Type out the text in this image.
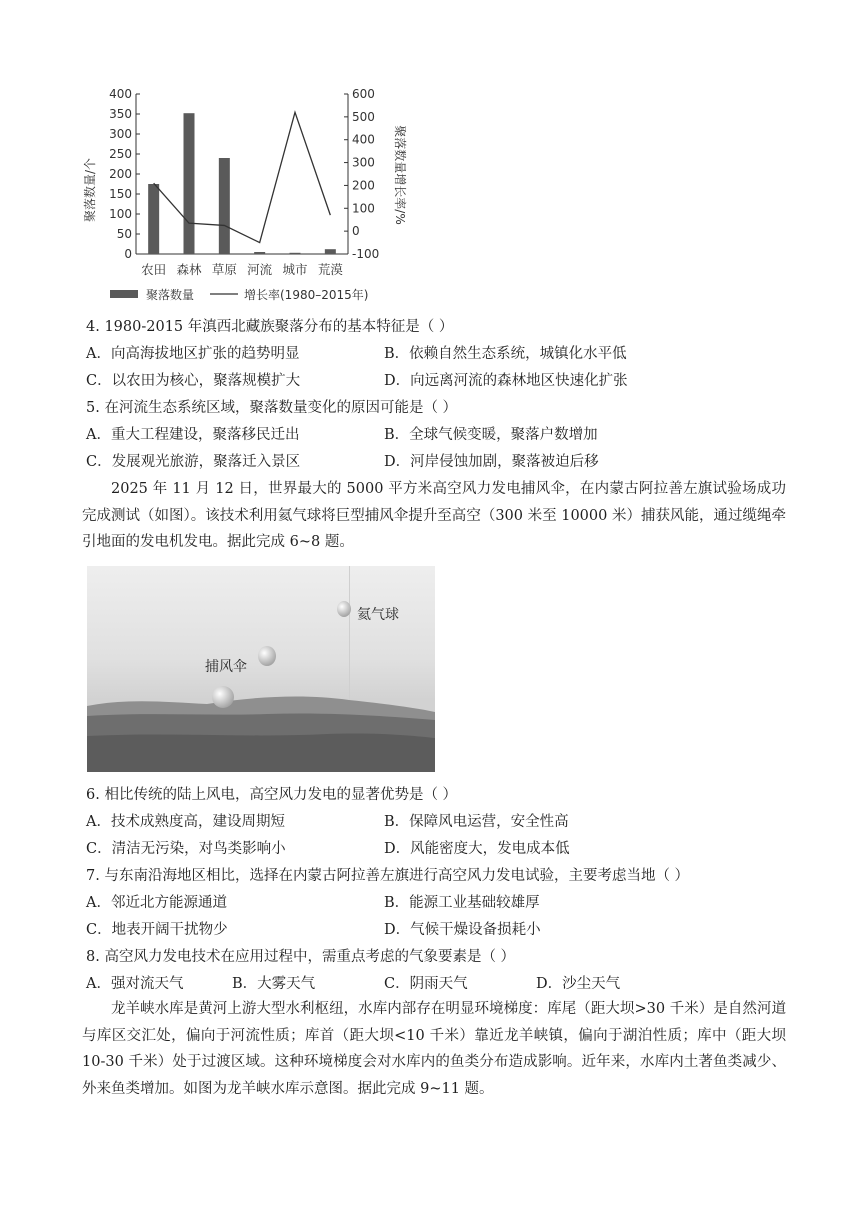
400
350
300
250
200
150
100
50
0
600
500
400
300
200
100
0
-100
农田 森林 草原 河流 城市 荒漠
聚落数量/个	聚落数量增长率/%
聚落数量	增长率(1980–2015年)
4. 1980-2015 年滇西北藏族聚落分布的基本特征是（ ）
A．向高海拔地区扩张的趋势明显	B．依赖自然生态系统，城镇化水平低
C．以农田为核心，聚落规模扩大	D．向远离河流的森林地区快速化扩张
5. 在河流生态系统区域，聚落数量变化的原因可能是（ ）
A．重大工程建设，聚落移民迁出	B．全球气候变暖，聚落户数增加
C．发展观光旅游，聚落迁入景区	D．河岸侵蚀加剧，聚落被迫后移
2025 年 11 月 12 日，世界最大的 5000 平方米高空风力发电捕风伞，在内蒙古阿拉善左旗试验场成功完成测试（如图）。该技术利用氦气球将巨型捕风伞提升至高空（300 米至 10000 米）捕获风能，通过缆绳牵引地面的发电机发电。据此完成 6~8 题。
氦气球
捕风伞
6. 相比传统的陆上风电，高空风力发电的显著优势是（ ）
A．技术成熟度高，建设周期短	B．保障风电运营，安全性高
C．清洁无污染，对鸟类影响小	D．风能密度大，发电成本低
7. 与东南沿海地区相比，选择在内蒙古阿拉善左旗进行高空风力发电试验，主要考虑当地（ ）
A．邻近北方能源通道	B．能源工业基础较雄厚
C．地表开阔干扰物少	D．气候干燥设备损耗小
8. 高空风力发电技术在应用过程中，需重点考虑的气象要素是（ ）
A．强对流天气	B．大雾天气	C．阴雨天气	D．沙尘天气
龙羊峡水库是黄河上游大型水利枢纽，水库内部存在明显环境梯度：库尾（距大坝>30 千米）是自然河道与库区交汇处，偏向于河流性质；库首（距大坝<10 千米）靠近龙羊峡镇，偏向于湖泊性质；库中（距大坝 10-30 千米）处于过渡区域。这种环境梯度会对水库内的鱼类分布造成影响。近年来，水库内土著鱼类减少、外来鱼类增加。如图为龙羊峡水库示意图。据此完成 9~11 题。
